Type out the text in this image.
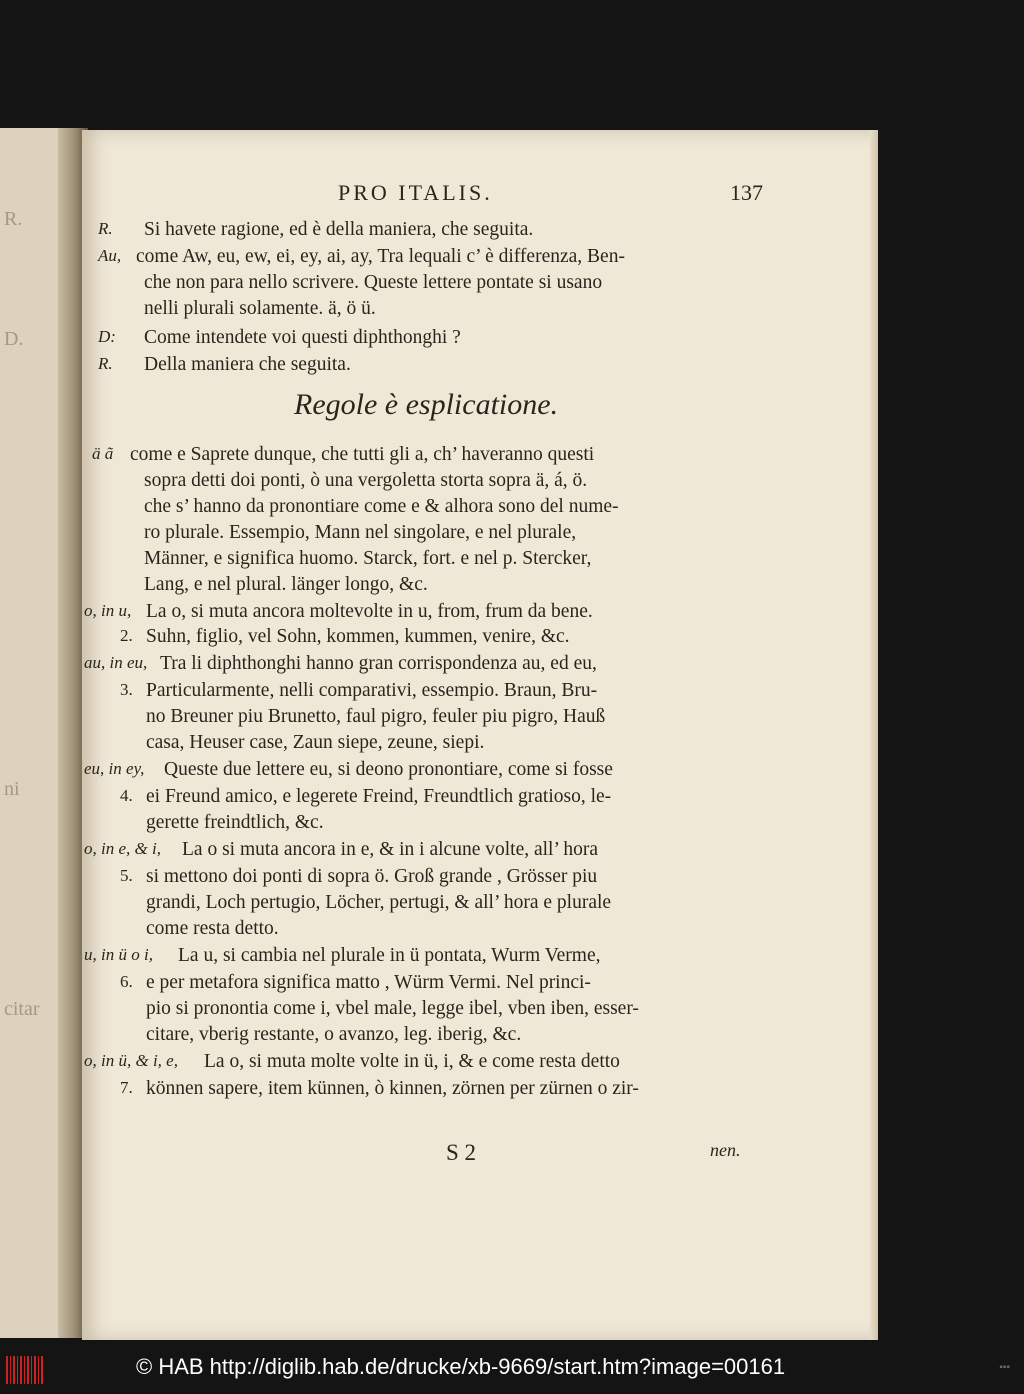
R.
D.
ni
citar
PRO ITALIS.	137
R. Si havete ragione, ed è della maniera, che seguita.
Au, come Aw, eu, ew, ei, ey, ai, ay, Tra lequali c’ è differenza, Ben-
che non para nello scrivere. Queste lettere pontate si usano
nelli plurali solamente. ä, ö ü.
D: Come intendete voi questi diphthonghi ?
R. Della maniera che seguita.
Regole è esplicatione.
ä ã come e Saprete dunque, che tutti gli a, ch’ haveranno questi
sopra detti doi ponti, ò una vergoletta storta sopra ä, á, ö.
che s’ hanno da pronontiare come e & alhora sono del nume-
ro plurale. Essempio, Mann nel singolare, e nel plurale,
Männer, e significa huomo. Starck, fort. e nel p. Stercker,
Lang, e nel plural. länger longo, &c.
o, in u, La o, si muta ancora moltevolte in u, from, frum da bene.
2. Suhn, figlio, vel Sohn, kommen, kummen, venire, &c.
au, in eu, Tra li diphthonghi hanno gran corrispondenza au, ed eu,
3. Particularmente, nelli comparativi, essempio. Braun, Bru-
no Breuner piu Brunetto, faul pigro, feuler piu pigro, Hauß
casa, Heuser case, Zaun siepe, zeune, siepi.
eu, in ey, Queste due lettere eu, si deono pronontiare, come si fosse
4. ei Freund amico, e legerete Freind, Freundtlich gratioso, le-
gerette freindtlich, &c.
o, in e, & i, La o si muta ancora in e, & in i alcune volte, all’ hora
5. si mettono doi ponti di sopra ö. Groß grande , Grösser piu
grandi, Loch pertugio, Löcher, pertugi, & all’ hora e plurale
come resta detto.
u, in ü o i, La u, si cambia nel plurale in ü pontata, Wurm Verme,
6. e per metafora significa matto , Würm Vermi. Nel princi-
pio si pronontia come i, vbel male, legge ibel, vben iben, esser-
citare, vberig restante, o avanzo, leg. iberig, &c.
o, in ü, & i, e, La o, si muta molte volte in ü, i, & e come resta detto
7. können sapere, item künnen, ò kinnen, zörnen per zürnen o zir-
S 2	nen.
© HAB http://diglib.hab.de/drucke/xb-9669/start.htm?image=00161	▪▪▪
